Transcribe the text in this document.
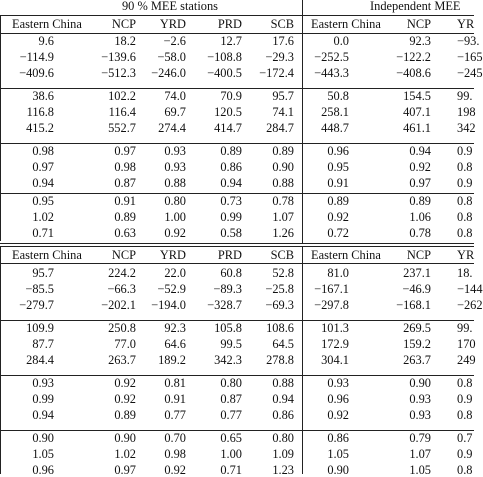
90 % MEE stations	Independent MEE
Eastern China	NCP	YRD	PRD	SCB Eastern China	NCP YR
Eastern China	NCP	YRD	PRD	SCB Eastern China	NCP YR
9.6	18.2	−2.6	12.7	17.6	0.0	92.3 −93.
−114.9	−139.6	−58.0	−108.8	−29.3	−252.5	−122.2 −165
−409.6	−512.3	−246.0	−400.5	−172.4	−443.3	−408.6 −245
38.6	102.2	74.0	70.9	95.7	50.8	154.5 99.
116.8	116.4	69.7	120.5	74.1	258.1	407.1 198
415.2	552.7	274.4	414.7	284.7	448.7	461.1 342
0.98	0.97	0.93	0.89	0.89	0.96	0.94 0.9
0.97	0.98	0.93	0.86	0.90	0.95	0.92 0.8
0.94	0.87	0.88	0.94	0.88	0.91	0.97 0.9
0.95	0.91	0.80	0.73	0.78	0.89	0.89 0.8
1.02	0.89	1.00	0.99	1.07	0.92	1.06 0.8
0.71	0.63	0.92	0.58	1.26	0.72	0.78 0.8
95.7	224.2	22.0	60.8	52.8	81.0	237.1 18.
−85.5	−66.3	−52.9	−89.3	−25.8	−167.1	−46.9 −144
−279.7	−202.1	−194.0	−328.7	−69.3	−297.8	−168.1 −262
109.9	250.8	92.3	105.8	108.6	101.3	269.5 99.
87.7	77.0	64.6	99.5	64.5	172.9	159.2 170
284.4	263.7	189.2	342.3	278.8	304.1	263.7 249
0.93	0.92	0.81	0.80	0.88	0.93	0.90 0.8
0.99	0.92	0.91	0.87	0.94	0.96	0.93 0.9
0.94	0.89	0.77	0.77	0.86	0.92	0.93 0.8
0.90	0.90	0.70	0.65	0.80	0.86	0.79 0.7
1.05	1.02	0.98	1.00	1.09	1.05	1.07 0.9
0.96	0.97	0.92	0.71	1.23	0.90	1.05 0.8
